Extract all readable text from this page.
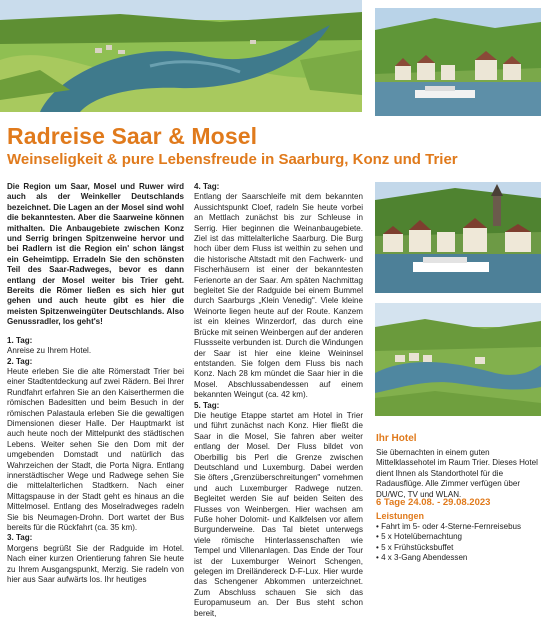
Radreise Saar & Mosel
Weinseligkeit & pure Lebensfreude in Saarburg, Konz und Trier

Die Region um Saar, Mosel und Ruwer wird auch als der Weinkeller Deutschlands bezeichnet. Die Lagen an der Mosel sind wohl die bekanntesten. Aber die Saarweine können mithalten. Die Anbaugebiete zwischen Konz und Serrig bringen Spitzenweine hervor und bei Radlern ist die Region ein' schon längst ein Geheimtipp. Erradeln Sie den schönsten Teil des Saar-Radweges, bevor es dann entlang der Mosel weiter bis Trier geht. Bereits die Römer ließen es sich hier gut gehen und auch heute gibt es hier die meisten Spitzenweingüter Deutschlands. Also Genussradler, los geht's!

1. Tag:

Anreise zu Ihrem Hotel.

2. Tag:

Heute erleben Sie die alte Römerstadt Trier bei einer Stadtentdeckung auf zwei Rädern. Bei Ihrer Rundfahrt erfahren Sie an den Kaiserthermen die römischen Badesitten und beim Besuch in der römischen Palastaula erleben Sie die gewaltigen Dimensionen dieser Halle. Der Hauptmarkt ist auch heute noch der Mittelpunkt des städtischen Lebens. Weiter sehen Sie den Dom mit der umgebenden Domstadt und natürlich das Wahrzeichen der Stadt, die Porta Nigra. Entlang innerstädtischer Wege und Radwege sehen Sie die mittelalterlichen Stadtkern. Nach einer Mittagspause in der Stadt geht es hinaus an die Mittelmosel. Entlang des Moselradweges radeln Sie bis Neumagen-Drohn. Dort wartet der Bus bereits für die Rückfahrt (ca. 35 km).

3. Tag:

Morgens begrüßt Sie der Radguide im Hotel. Nach einer kurzen Orientierung fahren Sie heute zu Ihrem Ausgangspunkt, Merzig. Sie radeln von hier aus Saar aufwärts los. Ihr heutiges

4. Tag:

Entlang der Saarschleife mit dem bekannten Aussichtspunkt Cloef, radeln Sie heute vorbei an Mettlach zunächst bis zur Schleuse in Serrig. Hier beginnen die Weinanbaugebiete. Ziel ist das mittelalterliche Saarburg. Die Burg hoch über dem Fluss ist weithin zu sehen und die historische Altstadt mit den Fachwerk- und Fischerhäusern ist einer der bekanntesten Ferienorte an der Saar. Am späten Nachmittag begleitet Sie der Radguide bei einem Bummel durch Saarburgs „Klein Venedig". Viele kleine Weinorte liegen heute auf der Route. Kanzem ist ein kleines Winzerdorf, das durch eine Brücke mit seinen Weinbergen auf der anderen Flussseite verbunden ist. Durch die Windungen der Saar ist hier eine kleine Weininsel entstanden. Sie folgen dem Fluss bis nach Konz. Nach 28 km mündet die Saar hier in die Mosel. Abschlussabendessen auf einem bekannten Weingut (ca. 42 km).

5. Tag:

Die heutige Etappe startet am Hotel in Trier und führt zunächst nach Konz. Hier fließt die Saar in die Mosel, Sie fahren aber weiter entlang der Mosel. Der Fluss bildet von Oberbillig bis Perl die Grenze zwischen Deutschland und Luxemburg. Dabei werden Sie öfters „Grenzüberschreitungen" vornehmen und auch Luxemburger Radwege nutzen. Begleitet werden Sie auf beiden Seiten des Flusses von Weinbergen. Hier wachsen am Fuße hoher Dolomit- und Kalkfelsen vor allem Burgunderweine. Das Tal bietet unterwegs viele römische Hinterlassenschaften wie Tempel und Villenanlagen. Das Ende der Tour ist der Luxemburger Weinort Schengen, gelegen im Dreiländereck D-F-Lux. Hier wurde das Schengener Abkommen unterzeichnet. Zum Abschluss schauen Sie sich das Europamuseum an. Der Bus steht schon bereit,

Ihr Hotel

Sie übernachten in einem guten Mittelklassehotel im Raum Trier. Dieses Hotel dient Ihnen als Standorthotel für die Radausflüge. Alle Zimmer verfügen über DU/WC, TV und WLAN.

6 Tage 24.08. - 29.08.2023

Leistungen

• Fahrt im 5- oder 4-Sterne-Fernreisebus
• 5 x Hotelübernachtung
• 5 x Frühstücksbuffet
• 4 x 3-Gang Abendessen
